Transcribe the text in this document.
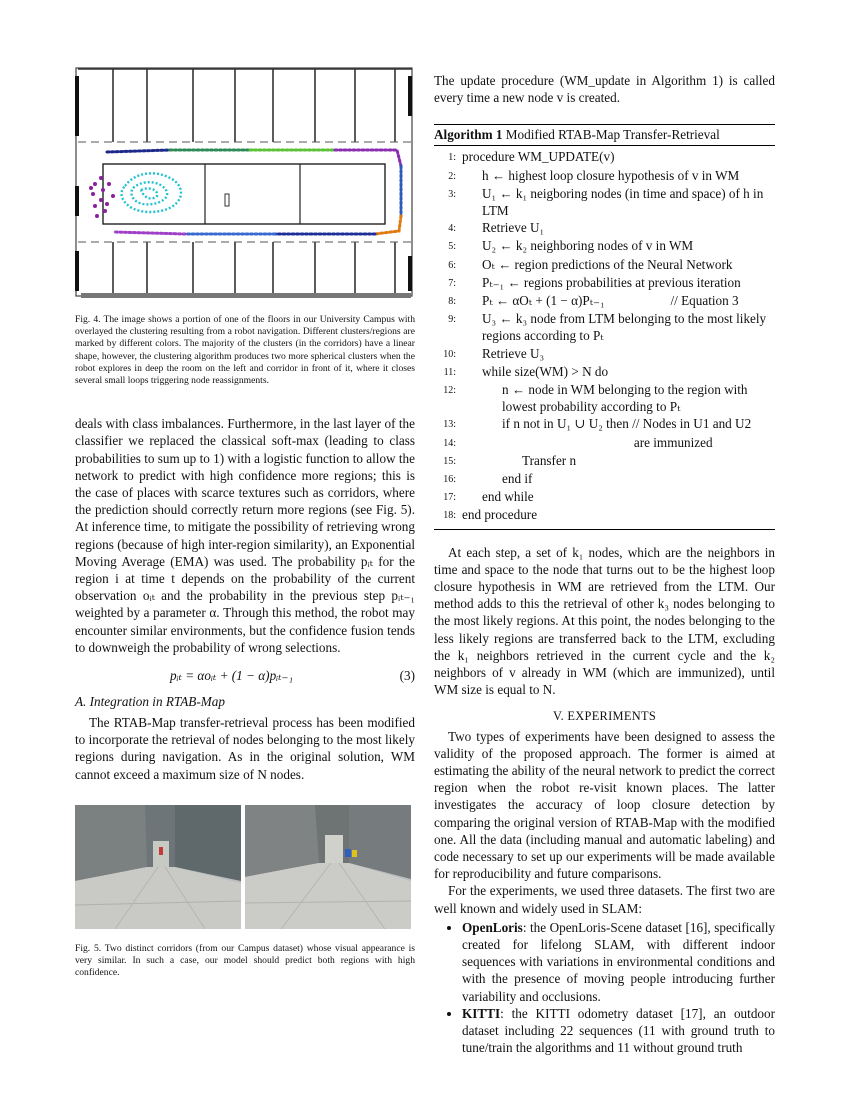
Fig. 4. The image shows a portion of one of the floors in our University Campus with overlayed the clustering resulting from a robot navigation. Different clusters/regions are marked by different colors. The majority of the clusters (in the corridors) have a linear shape, however, the clustering algorithm produces two more spherical clusters when the robot explores in deep the room on the left and corridor in front of it, where it closes several small loops triggering node reassignments.

deals with class imbalances. Furthermore, in the last layer of the classifier we replaced the classical soft-max (leading to class probabilities to sum up to 1) with a logistic function to allow the network to predict with high confidence more regions; this is the case of places with scarce textures such as corridors, where the prediction should correctly return more regions (see Fig. 5). At inference time, to mitigate the possibility of retrieving wrong regions (because of high inter-region similarity), an Exponential Moving Average (EMA) was used. The probability pᵢₜ for the region i at time t depends on the probability of the current observation oᵢₜ and the probability in the previous step pᵢₜ₋₁ weighted by a parameter α. Through this method, the robot may encounter similar environments, but the confidence fusion tends to downweigh the probability of wrong selections.

pᵢₜ = αoᵢₜ + (1 − α)pᵢₜ₋₁	(3)
A. Integration in RTAB-Map

The RTAB-Map transfer-retrieval process has been modified to incorporate the retrieval of nodes belonging to the most likely regions during navigation. As in the original solution, WM cannot exceed a maximum size of N nodes.

Fig. 5. Two distinct corridors (from our Campus dataset) whose visual appearance is very similar. In such a case, our model should predict both regions with high confidence.

The update procedure (WM_update in Algorithm 1) is called every time a new node v is created.

Algorithm 1 Modified RTAB-Map Transfer-Retrieval
1: procedure WM_UPDATE(v)
2:	h ← highest loop closure hypothesis of v in WM
3:	U₁ ← k₁ neigboring nodes (in time and space) of h in LTM
4:	Retrieve U₁
5:	U₂ ← k₂ neighboring nodes of v in WM
6:	Oₜ ← region predictions of the Neural Network
7:	Pₜ₋₁ ← regions probabilities at previous iteration
8:	Pₜ ← αOₜ + (1 − α)Pₜ₋₁                    // Equation 3
9:	U₃ ← k₃ node from LTM belonging to the most likely regions according to Pₜ
10:	Retrieve U₃
11:	while size(WM) > N do
12:	n ← node in WM belonging to the region with lowest probability according to Pₜ
13:	if n not in U₁ ∪ U₂ then // Nodes in U1 and U2
14:	are immunized
15:	Transfer n
16:	end if
17:	end while
18: end procedure

At each step, a set of k₁ nodes, which are the neighbors in time and space to the node that turns out to be the highest loop closure hypothesis in WM are retrieved from the LTM. Our method adds to this the retrieval of other k₃ nodes belonging to the most likely regions. At this point, the nodes belonging to the less likely regions are transferred back to the LTM, excluding the k₁ neighbors retrieved in the current cycle and the k₂ neighbors of v already in WM (which are immunized), until WM size is equal to N.

V. EXPERIMENTS

Two types of experiments have been designed to assess the validity of the proposed approach. The former is aimed at estimating the ability of the neural network to predict the correct region when the robot re-visit known places. The latter investigates the accuracy of loop closure detection by comparing the original version of RTAB-Map with the modified one. All the data (including manual and automatic labeling) and code necessary to set up our experiments will be made available for reproducibility and future comparisons.

For the experiments, we used three datasets. The first two are well known and widely used in SLAM:

• OpenLoris: the OpenLoris-Scene dataset [16], specifically created for lifelong SLAM, with different indoor sequences with variations in environmental conditions and with the presence of moving people introducing further variability and occlusions.
• KITTI: the KITTI odometry dataset [17], an outdoor dataset including 22 sequences (11 with ground truth to tune/train the algorithms and 11 without ground truth
